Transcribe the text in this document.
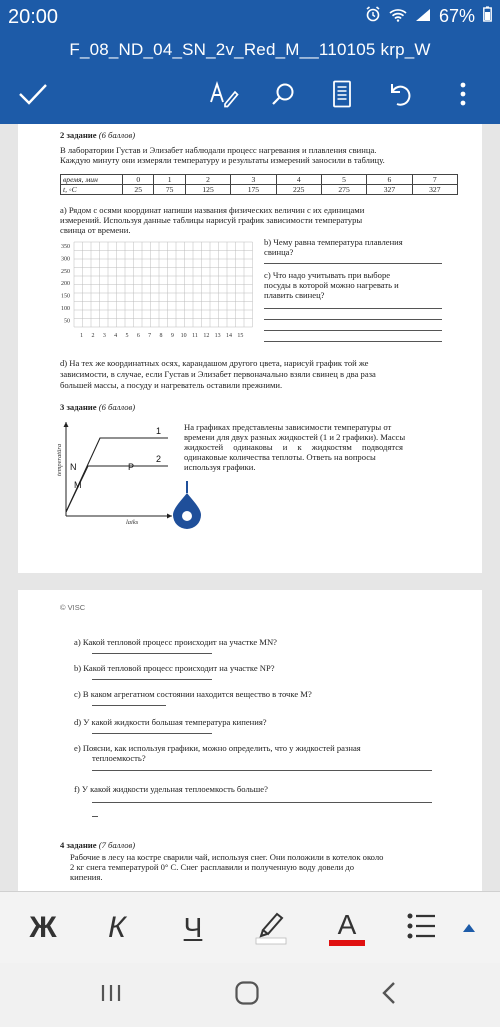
20:00	67%
F_08_ND_04_SN_2v_Red_M__110105 krp_W
2 задание (6 баллов)
В лаборатории Густав и Элизабет наблюдали процесс нагревания и плавления свинца.
Каждую минуту они измеряли температуру и результаты измерений заносили в таблицу.
время, мин	0	1	2	3	4	5	6	7
t, ◦C	25	75	125	175	225	275	327	327
а) Рядом с осями координат напиши названия физических величин с их единицами
измерений. Используя данные таблицы нарисуй график зависимости температуры
свинца от времени.
350
300
250
200
150
100
50
1 2 3 4 5 6 7 8 9 10 11 12 13 14 15
b) Чему равна температура плавления
свинца?
c) Что надо учитывать при выборе
посуды в которой можно нагревать и
плавить свинец?
d) На тех же координатных осях, карандашом другого цвета, нарисуй график той же
зависимости, в случае, если Густав и Элизабет первоначально взяли свинец в два раза
большей массы, а посуду и нагреватель оставили прежними.
3 задание (6 баллов)
temperatūra
laiks
N
M
P
1
2
На графиках представлены зависимости температуры от
времени для двух разных жидкостей (1 и 2 графики). Массы
жидкостей одинаковы и к жидкостям подводятся
одинаковые количества теплоты. Ответь на вопросы
используя графики.
© VISC
a) Какой тепловой процесс происходит на участке MN?
b) Какой тепловой процесс происходит на участке NP?
c) В каком агрегатном состоянии находится вещество в точке M?
d) У какой жидкости большая температура кипения?
e) Поясни, как используя графики, можно определить, что у жидкостей разная
теплоемкость?
f) У какой жидкости удельная теплоемкость больше?
4 задание (7 баллов)
Рабочие в лесу на костре сварили чай, используя снег. Они положили в котелок около
2 кг снега температурой 0° C. Снег расплавили и полученную воду довели до
кипения.
Ж	К	Ч	А
